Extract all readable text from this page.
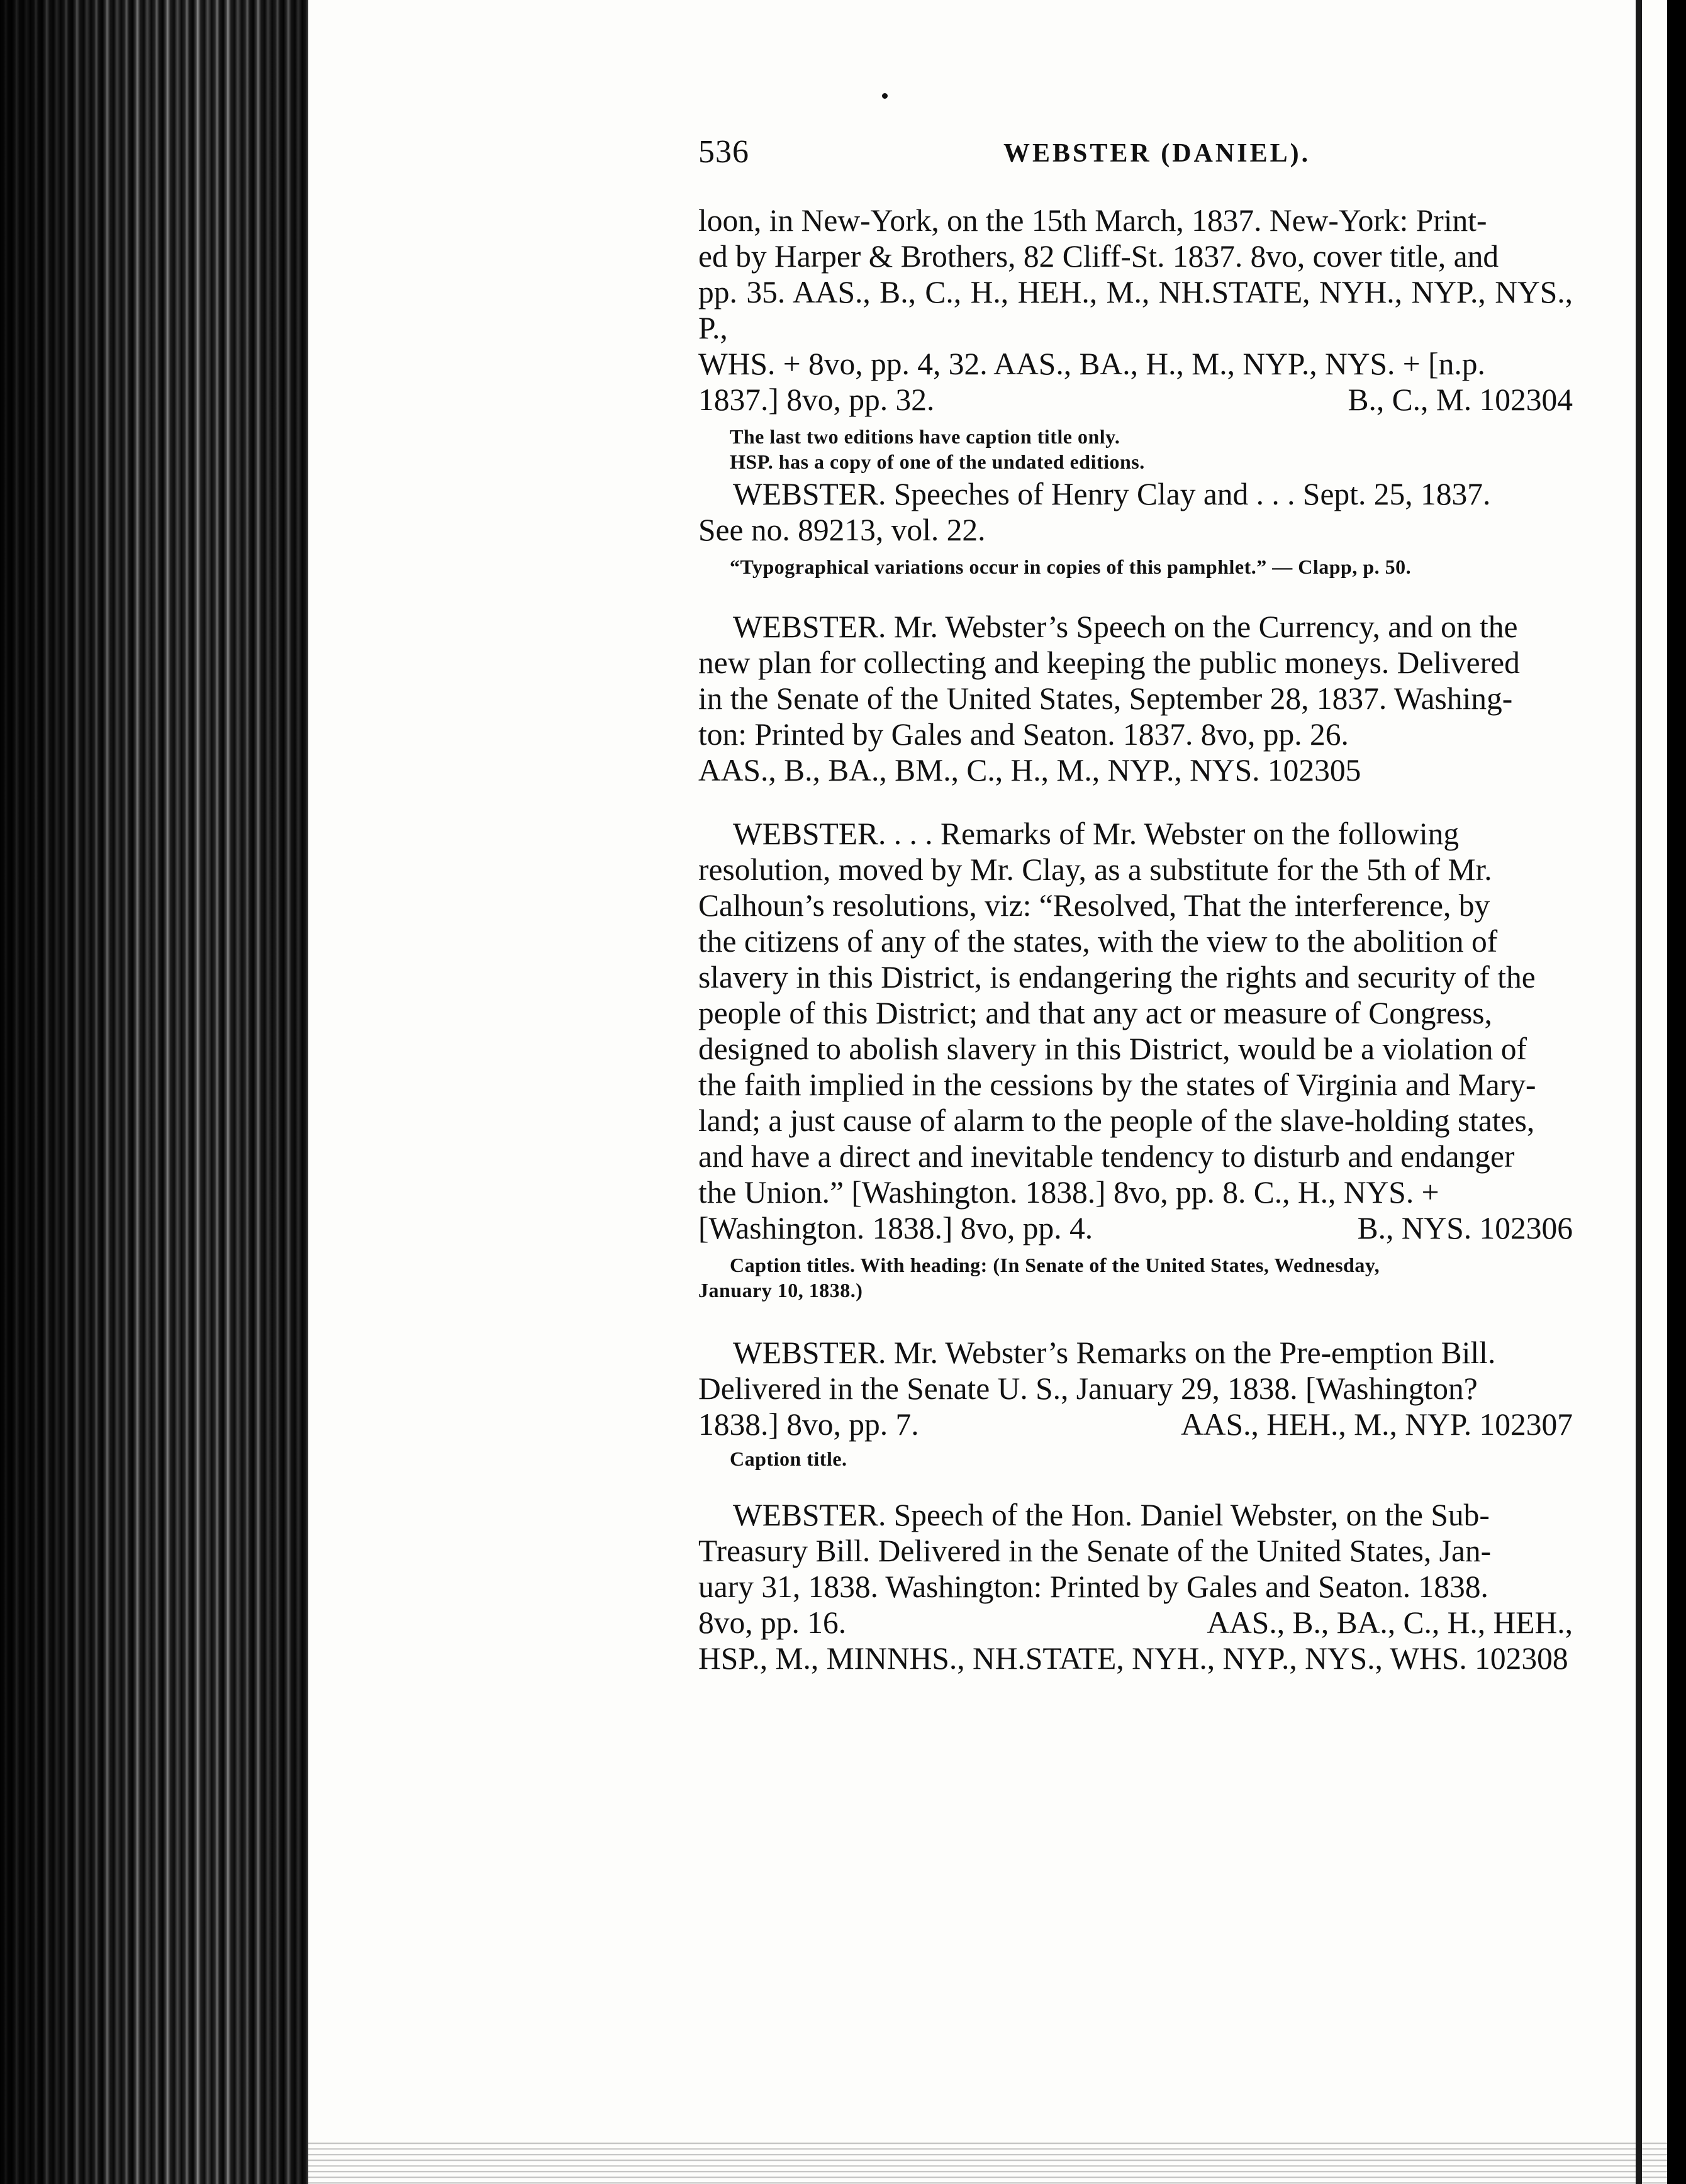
536	WEBSTER (DANIEL).

loon, in New-York, on the 15th March, 1837. New-York: Print-

ed by Harper & Brothers, 82 Cliff-St. 1837. 8vo, cover title, and

pp. 35. AAS., B., C., H., HEH., M., NH.STATE, NYH., NYP., NYS., P.,

WHS. + 8vo, pp. 4, 32. AAS., BA., H., M., NYP., NYS. + [n.p.

1837.] 8vo, pp. 32.	B., C., M. 102304

The last two editions have caption title only.

HSP. has a copy of one of the undated editions.

WEBSTER. Speeches of Henry Clay and . . . Sept. 25, 1837.

See no. 89213, vol. 22.

“Typographical variations occur in copies of this pamphlet.” — Clapp, p. 50.

WEBSTER. Mr. Webster’s Speech on the Currency, and on the

new plan for collecting and keeping the public moneys. Delivered

in the Senate of the United States, September 28, 1837. Washing-

ton: Printed by Gales and Seaton. 1837. 8vo, pp. 26.

AAS., B., BA., BM., C., H., M., NYP., NYS. 102305

WEBSTER. . . . Remarks of Mr. Webster on the following

resolution, moved by Mr. Clay, as a substitute for the 5th of Mr.

Calhoun’s resolutions, viz: “Resolved, That the interference, by

the citizens of any of the states, with the view to the abolition of

slavery in this District, is endangering the rights and security of the

people of this District; and that any act or measure of Congress,

designed to abolish slavery in this District, would be a violation of

the faith implied in the cessions by the states of Virginia and Mary-

land; a just cause of alarm to the people of the slave-holding states,

and have a direct and inevitable tendency to disturb and endanger

the Union.” [Washington. 1838.] 8vo, pp. 8. C., H., NYS. +

[Washington. 1838.] 8vo, pp. 4.	B., NYS. 102306

Caption titles. With heading: (In Senate of the United States, Wednesday,

January 10, 1838.)

WEBSTER. Mr. Webster’s Remarks on the Pre-emption Bill.

Delivered in the Senate U. S., January 29, 1838. [Washington?

1838.] 8vo, pp. 7.	AAS., HEH., M., NYP. 102307

Caption title.

WEBSTER. Speech of the Hon. Daniel Webster, on the Sub-

Treasury Bill. Delivered in the Senate of the United States, Jan-

uary 31, 1838. Washington: Printed by Gales and Seaton. 1838.

8vo, pp. 16.	AAS., B., BA., C., H., HEH.,

HSP., M., MINNHS., NH.STATE, NYH., NYP., NYS., WHS. 102308
